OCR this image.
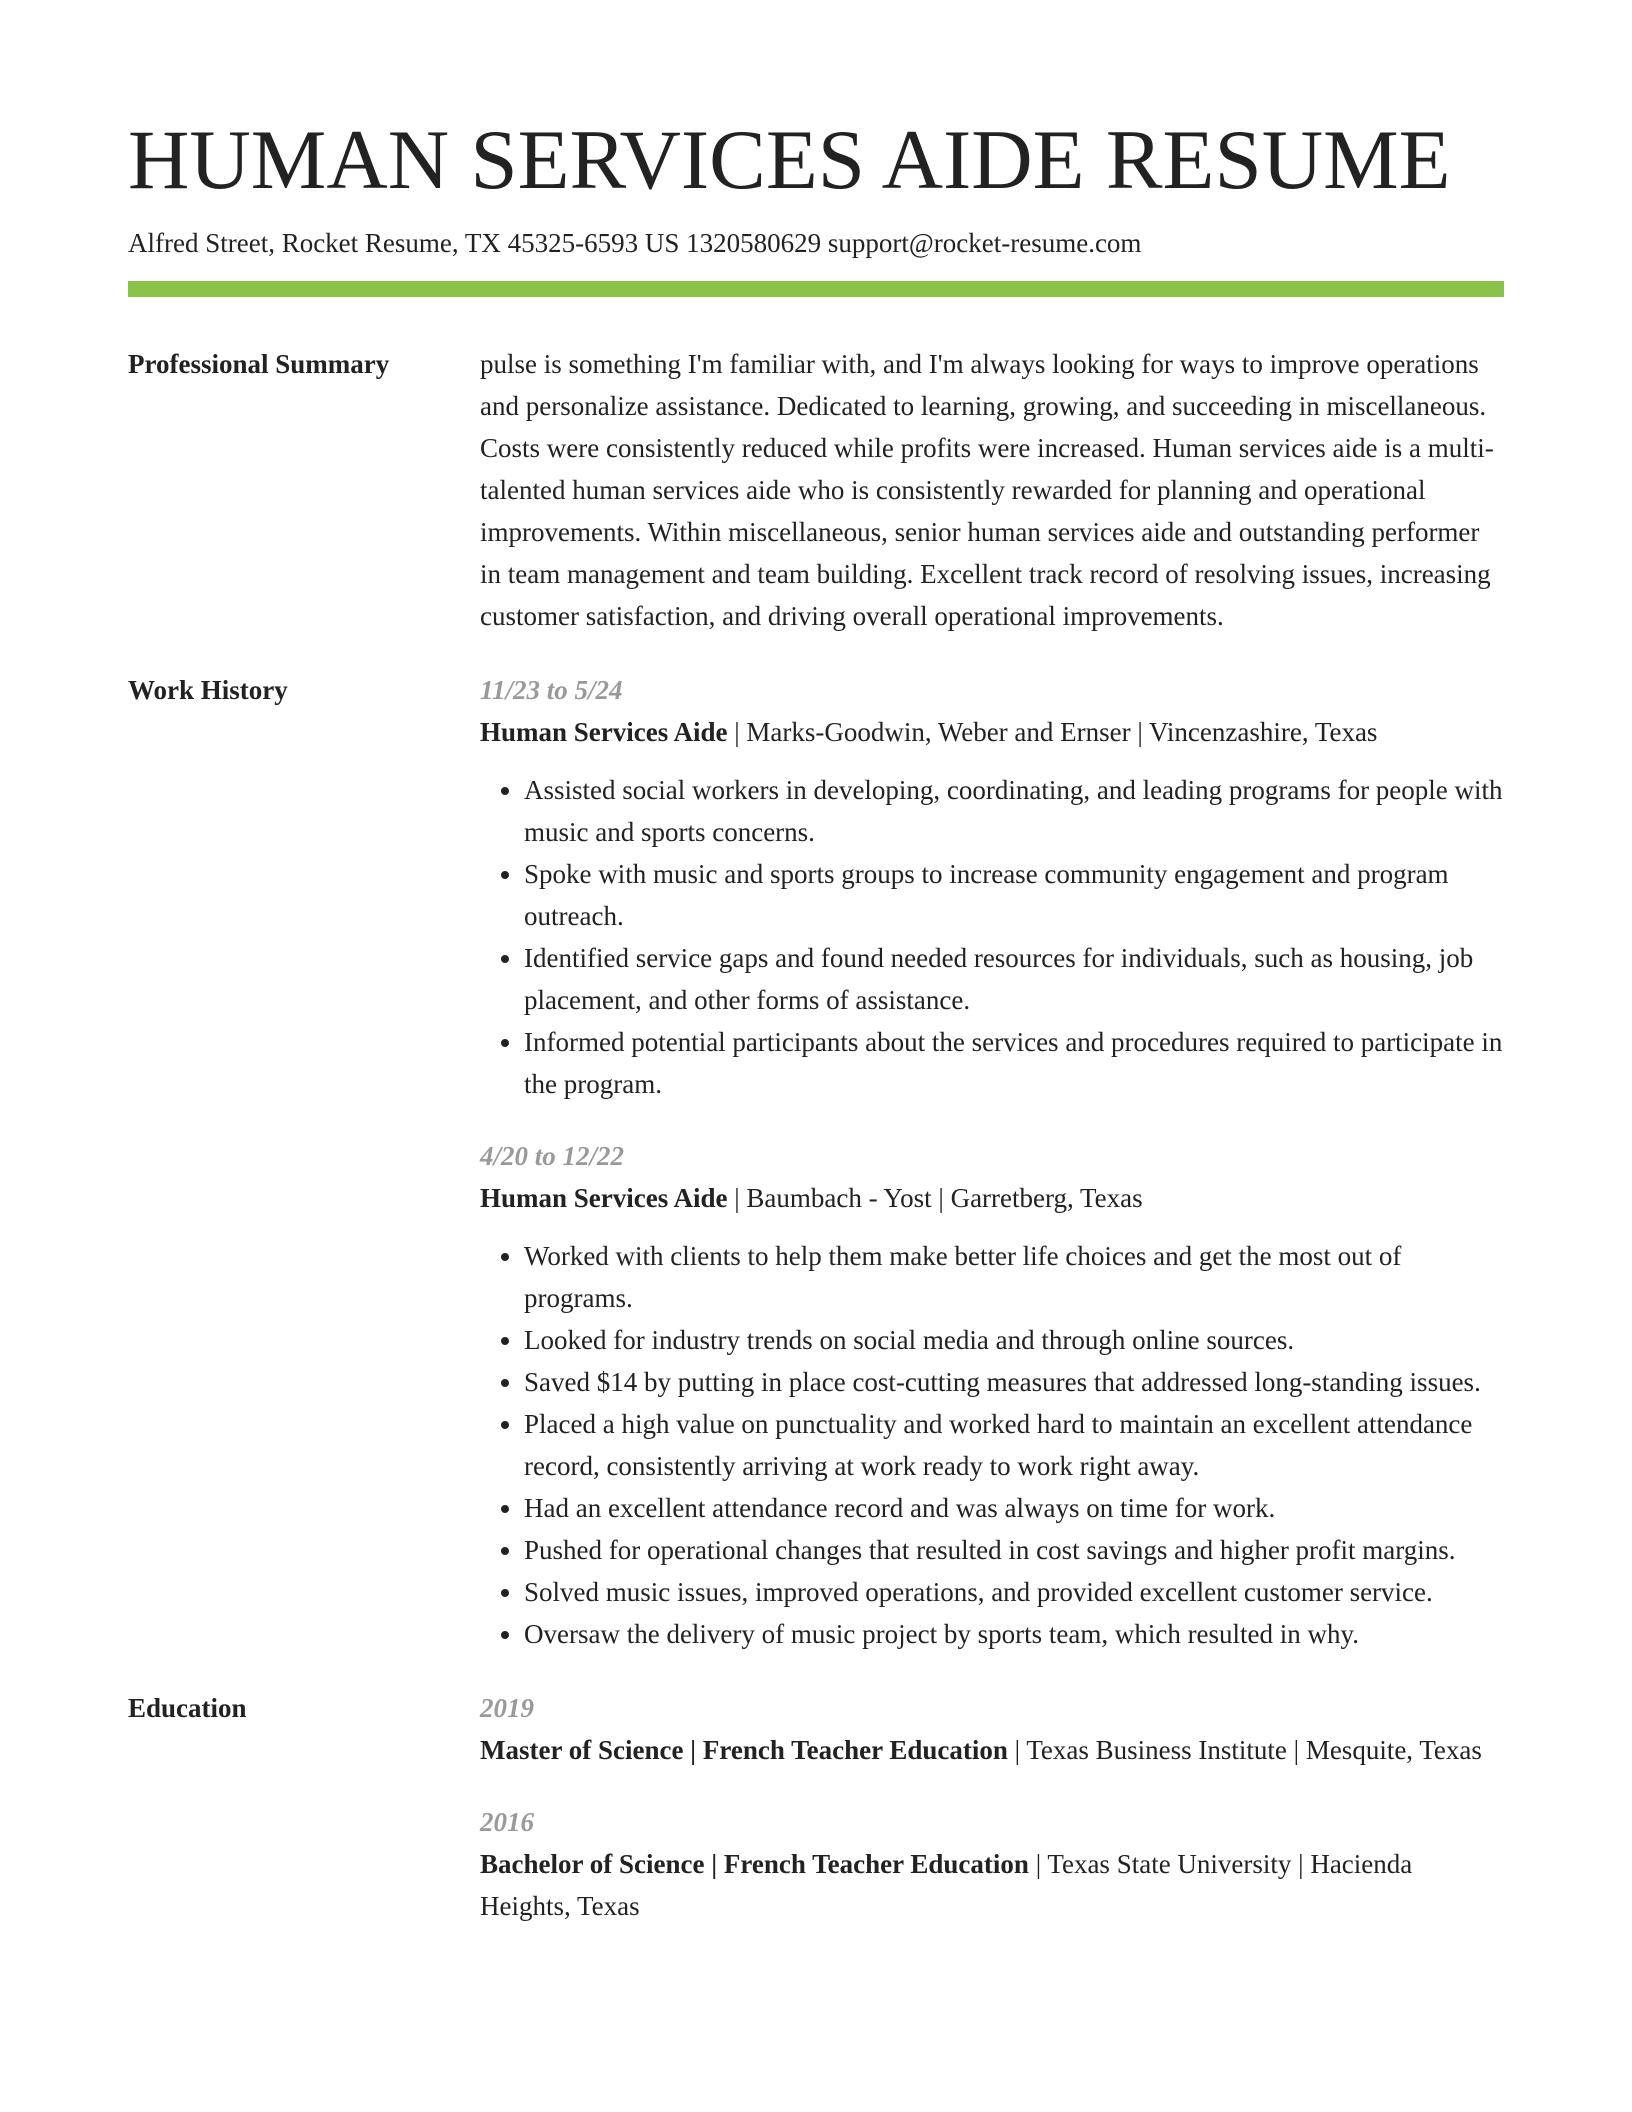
HUMAN SERVICES AIDE RESUME
Alfred Street, Rocket Resume, TX 45325-6593 US 1320580629 support@rocket-resume.com
Professional Summary	pulse is something I'm familiar with, and I'm always looking for ways to improve operations and personalize assistance. Dedicated to learning, growing, and succeeding in miscellaneous. Costs were consistently reduced while profits were increased. Human services aide is a multi-talented human services aide who is consistently rewarded for planning and operational improvements. Within miscellaneous, senior human services aide and outstanding performer in team management and team building. Excellent track record of resolving issues, increasing customer satisfaction, and driving overall operational improvements.
Work History	11/23 to 5/24
Human Services Aide | Marks-Goodwin, Weber and Ernser | Vincenzashire, Texas
• Assisted social workers in developing, coordinating, and leading programs for people with music and sports concerns.
• Spoke with music and sports groups to increase community engagement and program outreach.
• Identified service gaps and found needed resources for individuals, such as housing, job placement, and other forms of assistance.
• Informed potential participants about the services and procedures required to participate in the program.
4/20 to 12/22
Human Services Aide | Baumbach - Yost | Garretberg, Texas
• Worked with clients to help them make better life choices and get the most out of programs.
• Looked for industry trends on social media and through online sources.
• Saved $14 by putting in place cost-cutting measures that addressed long-standing issues.
• Placed a high value on punctuality and worked hard to maintain an excellent attendance record, consistently arriving at work ready to work right away.
• Had an excellent attendance record and was always on time for work.
• Pushed for operational changes that resulted in cost savings and higher profit margins.
• Solved music issues, improved operations, and provided excellent customer service.
• Oversaw the delivery of music project by sports team, which resulted in why.
Education	2019
Master of Science | French Teacher Education | Texas Business Institute | Mesquite, Texas
2016
Bachelor of Science | French Teacher Education | Texas State University | Hacienda Heights, Texas
